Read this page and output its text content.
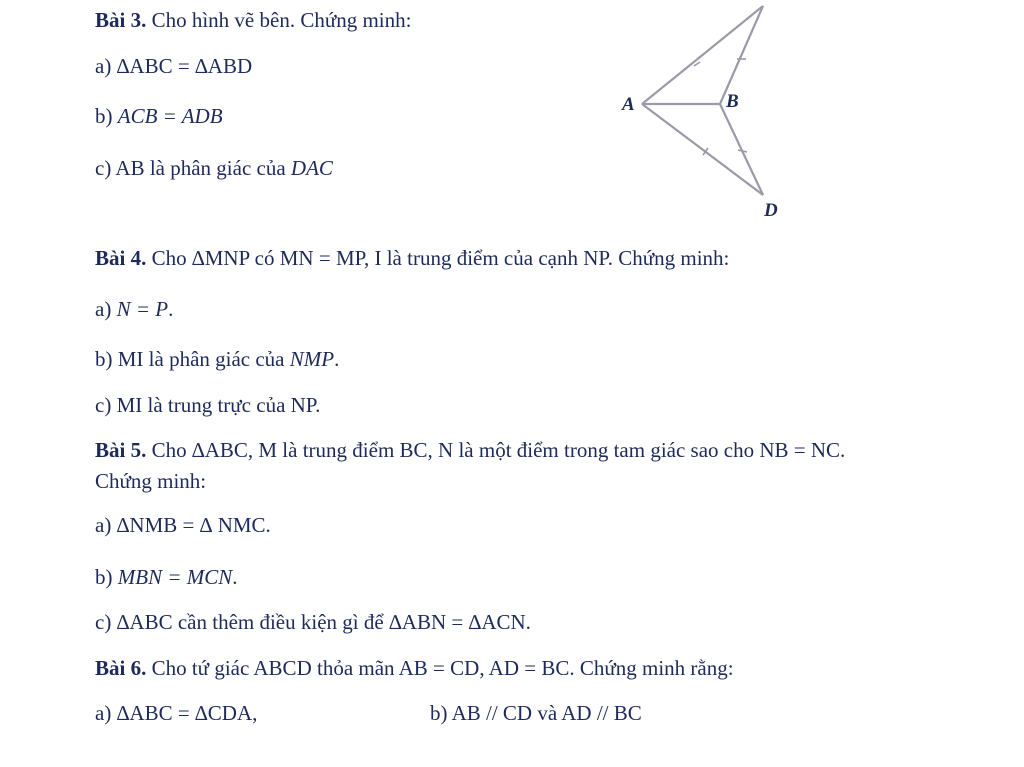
Bài 3. Cho hình vẽ bên. Chứng minh:
a) ∆ABC = ∆ABD
b) ACB = ADB
c) AB là phân giác của DAC
A	B
D
Bài 4. Cho ∆MNP có MN = MP, I là trung điểm của cạnh NP. Chứng minh:
a) N = P.
b) MI là phân giác của NMP.
c) MI là trung trực của NP.
Bài 5. Cho ∆ABC, M là trung điểm BC, N là một điểm trong tam giác sao cho NB = NC.
Chứng minh:
a) ∆NMB = ∆ NMC.
b) MBN = MCN.
c) ∆ABC cần thêm điều kiện gì để ∆ABN = ∆ACN.
Bài 6. Cho tứ giác ABCD thỏa mãn AB = CD, AD = BC. Chứng minh rằng:
a) ∆ABC = ∆CDA,	b) AB // CD và AD // BC
